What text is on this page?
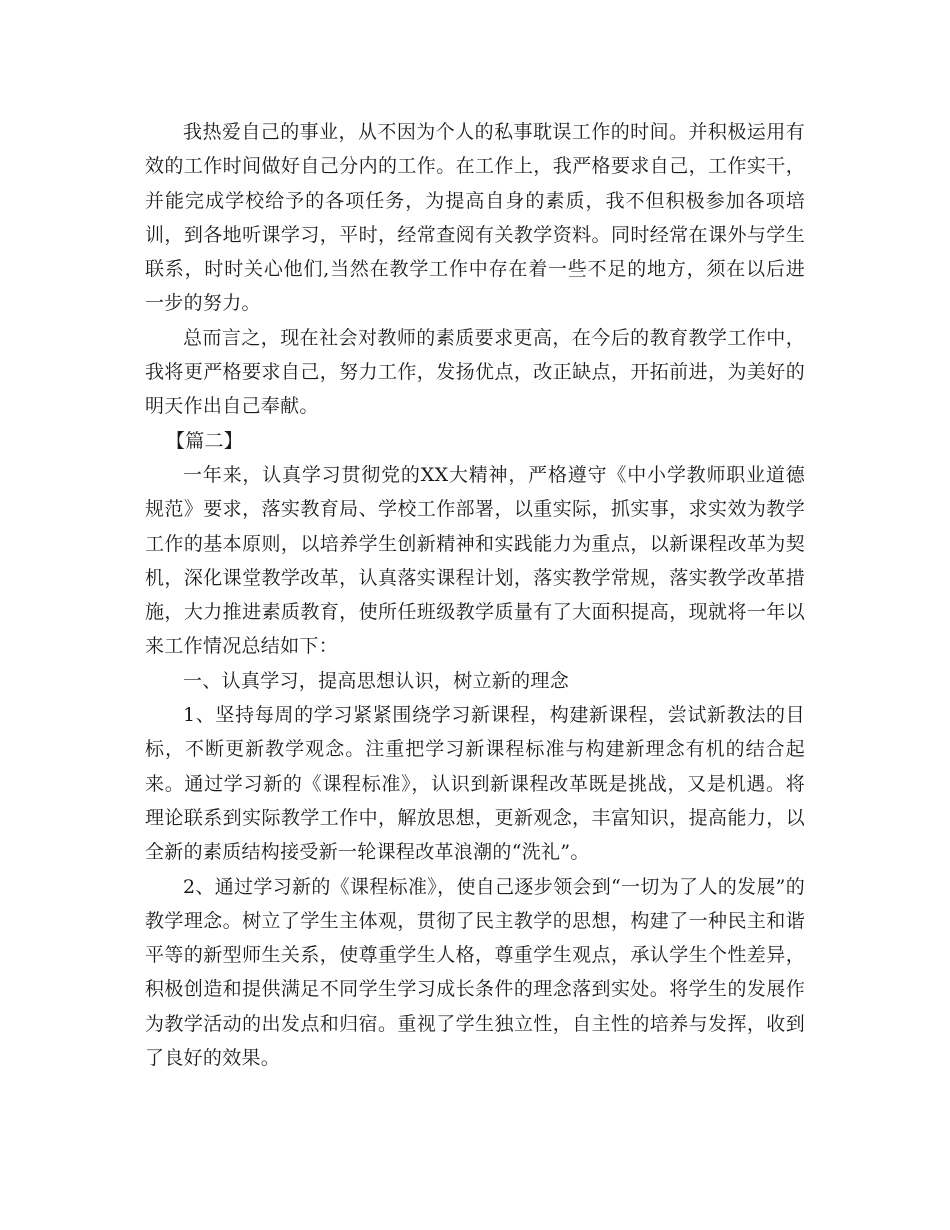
我热爱自己的事业，从不因为个人的私事耽误工作的时间。并积极运用有效的工作时间做好自己分内的工作。在工作上，我严格要求自己，工作实干，并能完成学校给予的各项任务，为提高自身的素质，我不但积极参加各项培训，到各地听课学习，平时，经常查阅有关教学资料。同时经常在课外与学生联系，时时关心他们,当然在教学工作中存在着一些不足的地方，须在以后进一步的努力。

总而言之，现在社会对教师的素质要求更高，在今后的教育教学工作中，我将更严格要求自己，努力工作，发扬优点，改正缺点，开拓前进，为美好的明天作出自己奉献。

【篇二】

一年来，认真学习贯彻党的XX大精神，严格遵守《中小学教师职业道德规范》要求，落实教育局、学校工作部署，以重实际，抓实事，求实效为教学工作的基本原则，以培养学生创新精神和实践能力为重点，以新课程改革为契机，深化课堂教学改革，认真落实课程计划，落实教学常规，落实教学改革措施，大力推进素质教育，使所任班级教学质量有了大面积提高，现就将一年以来工作情况总结如下：

一、认真学习，提高思想认识，树立新的理念

1、坚持每周的学习紧紧围绕学习新课程，构建新课程，尝试新教法的目标，不断更新教学观念。注重把学习新课程标准与构建新理念有机的结合起来。通过学习新的《课程标准》，认识到新课程改革既是挑战，又是机遇。将理论联系到实际教学工作中，解放思想，更新观念，丰富知识，提高能力，以全新的素质结构接受新一轮课程改革浪潮的“洗礼”。

2、通过学习新的《课程标准》，使自己逐步领会到“一切为了人的发展”的教学理念。树立了学生主体观，贯彻了民主教学的思想，构建了一种民主和谐平等的新型师生关系，使尊重学生人格，尊重学生观点，承认学生个性差异，积极创造和提供满足不同学生学习成长条件的理念落到实处。将学生的发展作为教学活动的出发点和归宿。重视了学生独立性，自主性的培养与发挥，收到了良好的效果。
